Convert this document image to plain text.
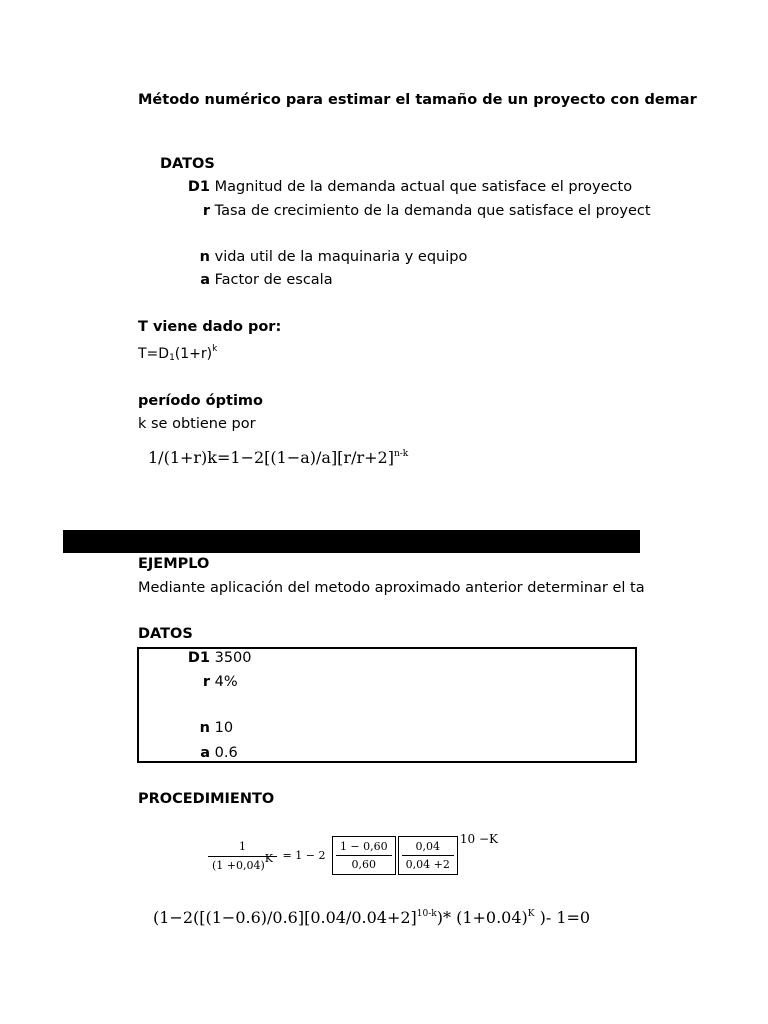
Método numérico para estimar el tamaño de un proyecto con demar
DATOS
D1 Magnitud de la demanda actual que satisface el proyecto
r Tasa de crecimiento de la demanda que satisface el proyect
n vida util de la maquinaria y equipo
a Factor de escala
T viene dado por:
$T=D_1(1+r)^k$
período óptimo
k se obtiene por
$1/(1+r)k=1-2[(1-a)/a][r/r+2]^{n-k}$
EJEMPLO
Mediante aplicación del metodo aproximado anterior determinar el ta
DATOS
D1 3500
r 4%
n 10
a 0.6
PROCEDIMIENTO
$\frac{1}{(1 +0,04)^K} = 1 - 2 \frac{1 - 0,60}{0,60} \frac{0,04}{0,04 +2}$
10 −K
($1-2([(1-0.6)/0.6][0.04/0.04+2]^{10-k})*$ $(1+0.04)^K$ )- 1=0
